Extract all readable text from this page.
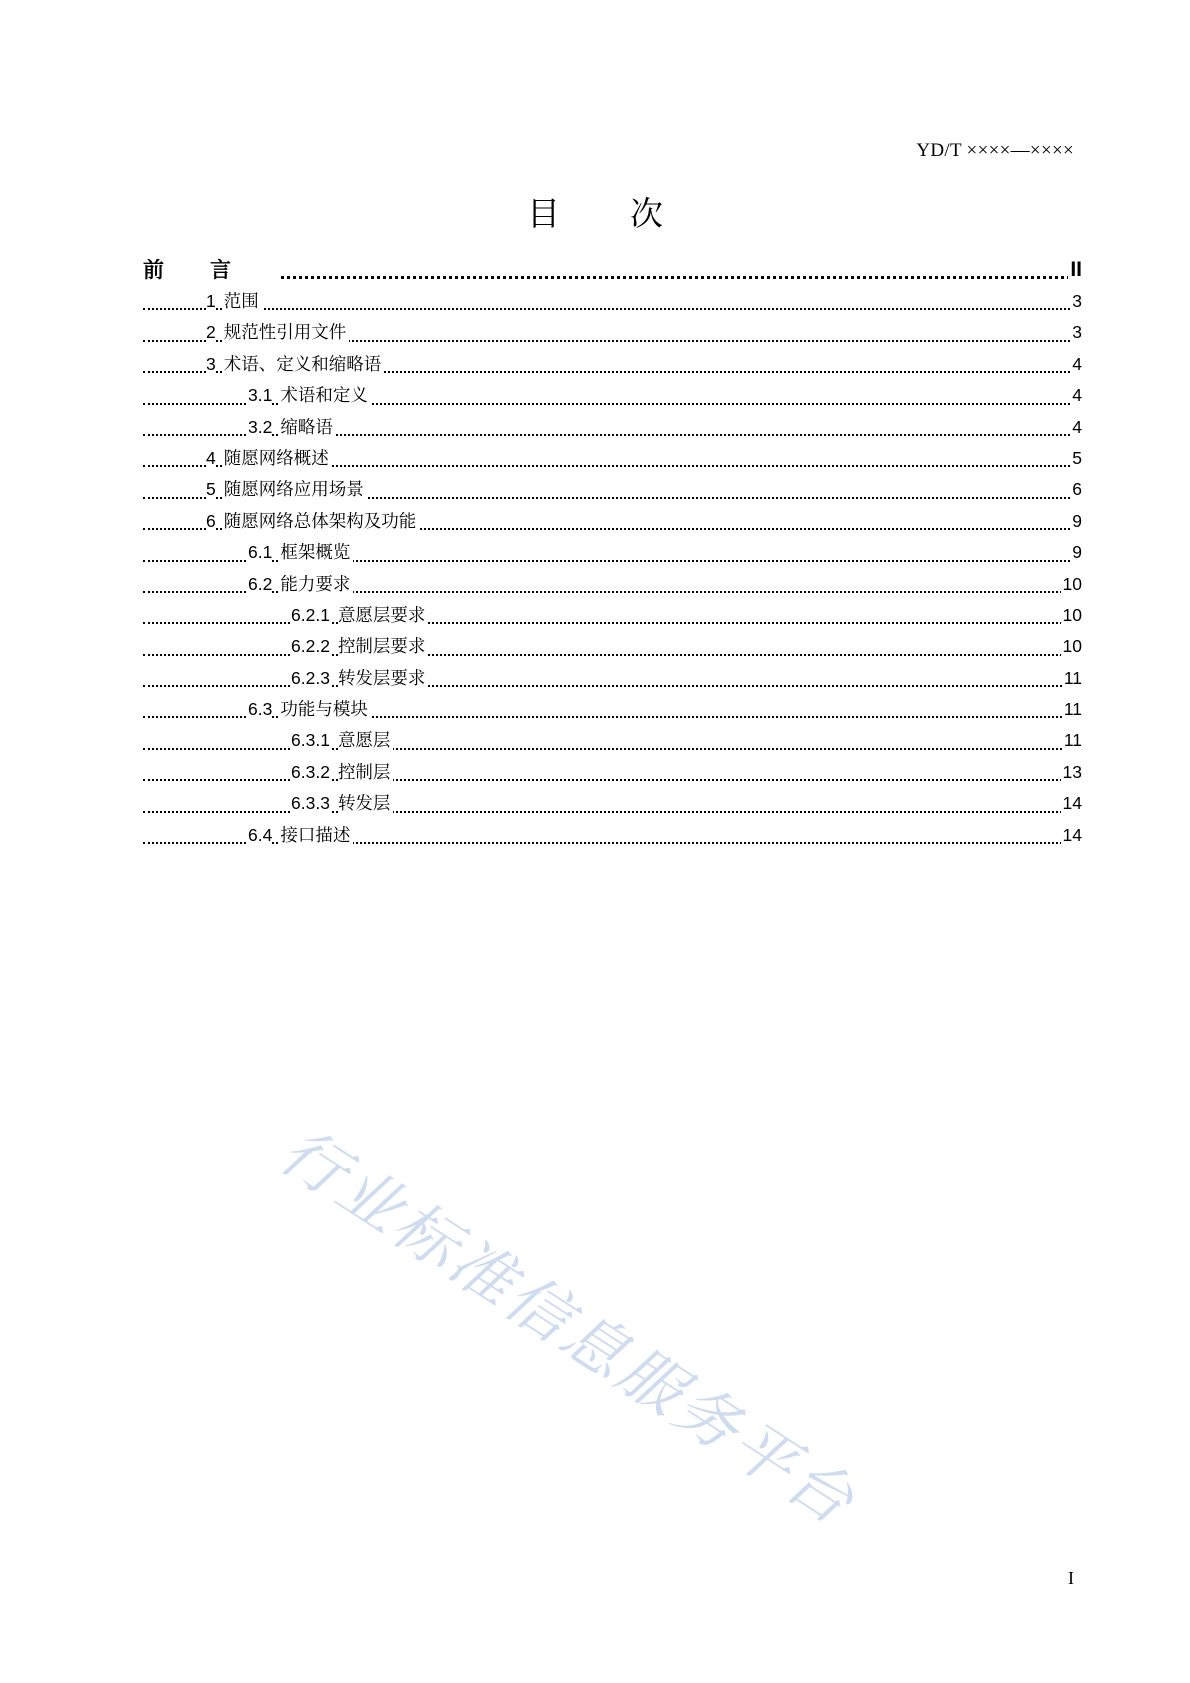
YD/T ××××—××××
目 次
前言	II
1 范围	3
2 规范性引用文件	3
3 术语、定义和缩略语	4
3.1 术语和定义	4
3.2 缩略语	4
4 随愿网络概述	5
5 随愿网络应用场景	6
6 随愿网络总体架构及功能	9
6.1 框架概览	9
6.2 能力要求	10
6.2.1 意愿层要求	10
6.2.2 控制层要求	10
6.2.3 转发层要求	11
6.3 功能与模块	11
6.3.1 意愿层	11
6.3.2 控制层	13
6.3.3 转发层	14
6.4 接口描述	14
行业标准信息服务平台
I
